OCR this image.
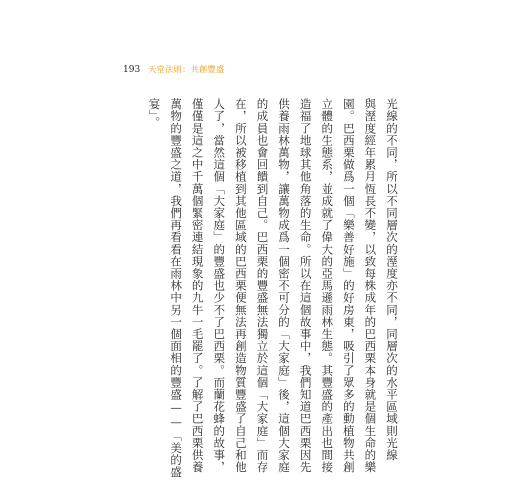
193 天堂法則：共創豐盛
光線的不同，所以不同層次的溼度亦不同，同層次的水平區域則光線
與溼度經年累月恆長不變，以致每株成年的巴西栗本身就是個生命的樂
園。巴西栗做爲一個「樂善好施」的好房東，吸引了眾多的動植物共創
立體的生態系，並成就了偉大的亞馬遜雨林生態。其豐盛的產出也間接
造福了地球其他角落的生命。所以在這個故事中，我們知道巴西栗因先
供養雨林萬物，讓萬物成爲一個密不可分的「大家庭」後，這個大家庭
的成員也會回饋到自己。巴西栗的豐盛無法獨立於這個「大家庭」而存
在，所以被移植到其他區域的巴西栗便無法再創造物質豐盛了自己和他
人了，當然這個「大家庭」的豐盛也少不了巴西栗。而蘭花蜂的故事，
僅僅是這之中千萬個緊密連結現象的九牛一毛罷了。了解了巴西栗供養
萬物的豐盛之道，我們再看看在雨林中另一個面相的豐盛——「美的盛
宴」。
